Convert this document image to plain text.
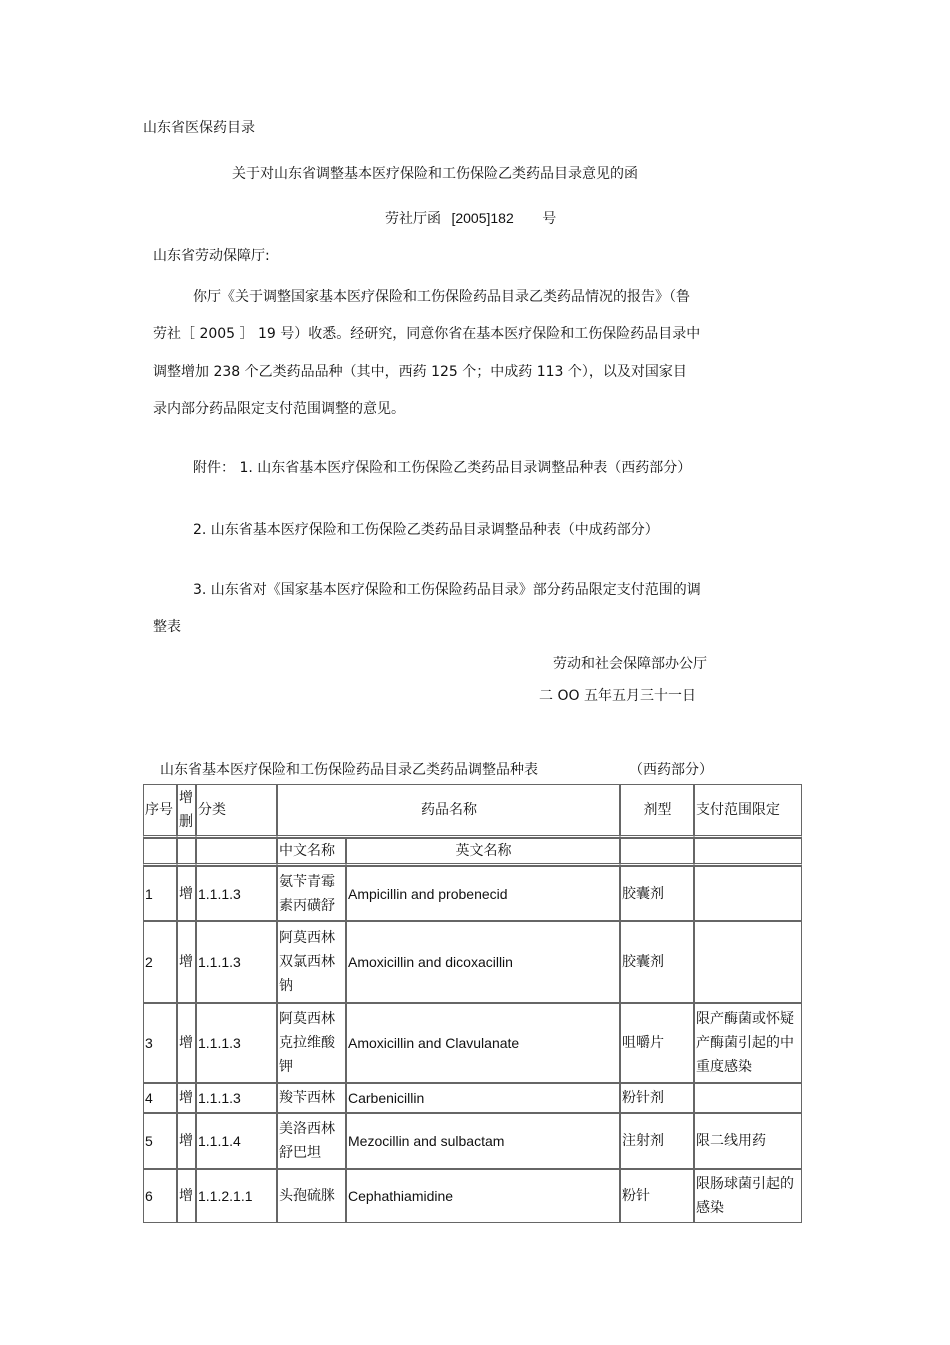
山东省医保药目录
关于对山东省调整基本医疗保险和工伤保险乙类药品目录意见的函
劳社厅函 [2005]182 号
山东省劳动保障厅:
你厅《关于调整国家基本医疗保险和工伤保险药品目录乙类药品情况的报告》（鲁
劳社［ 2005 ］ 19 号）收悉。经研究，同意你省在基本医疗保险和工伤保险药品目录中
调整增加 238 个乙类药品品种（其中，西药 125 个；中成药 113 个），以及对国家目
录内部分药品限定支付范围调整的意见。
附件： 1. 山东省基本医疗保险和工伤保险乙类药品目录调整品种表（西药部分）
2. 山东省基本医疗保险和工伤保险乙类药品目录调整品种表（中成药部分）
3. 山东省对《国家基本医疗保险和工伤保险药品目录》部分药品限定支付范围的调
整表
劳动和社会保障部办公厅
二 OO 五年五月三十一日
山东省基本医疗保险和工伤保险药品目录乙类药品调整品种表	（西药部分）
序号	增删	分类	药品名称		剂型	支付范围限定
			中文名称	英文名称		
1	增	1.1.1.3	氨苄青霉素丙磺舒	Ampicillin and probenecid	胶囊剂	
2	增	1.1.1.3	阿莫西林双氯西林钠	Amoxicillin and dicoxacillin	胶囊剂	
3	增	1.1.1.3	阿莫西林克拉维酸钾	Amoxicillin and Clavulanate	咀嚼片	限产酶菌或怀疑产酶菌引起的中重度感染
4	增	1.1.1.3	羧苄西林	Carbenicillin	粉针剂	
5	增	1.1.1.4	美洛西林舒巴坦	Mezocillin and sulbactam	注射剂	限二线用药
6	增	1.1.2.1.1	头孢硫脒	Cephathiamidine	粉针	限肠球菌引起的感染
